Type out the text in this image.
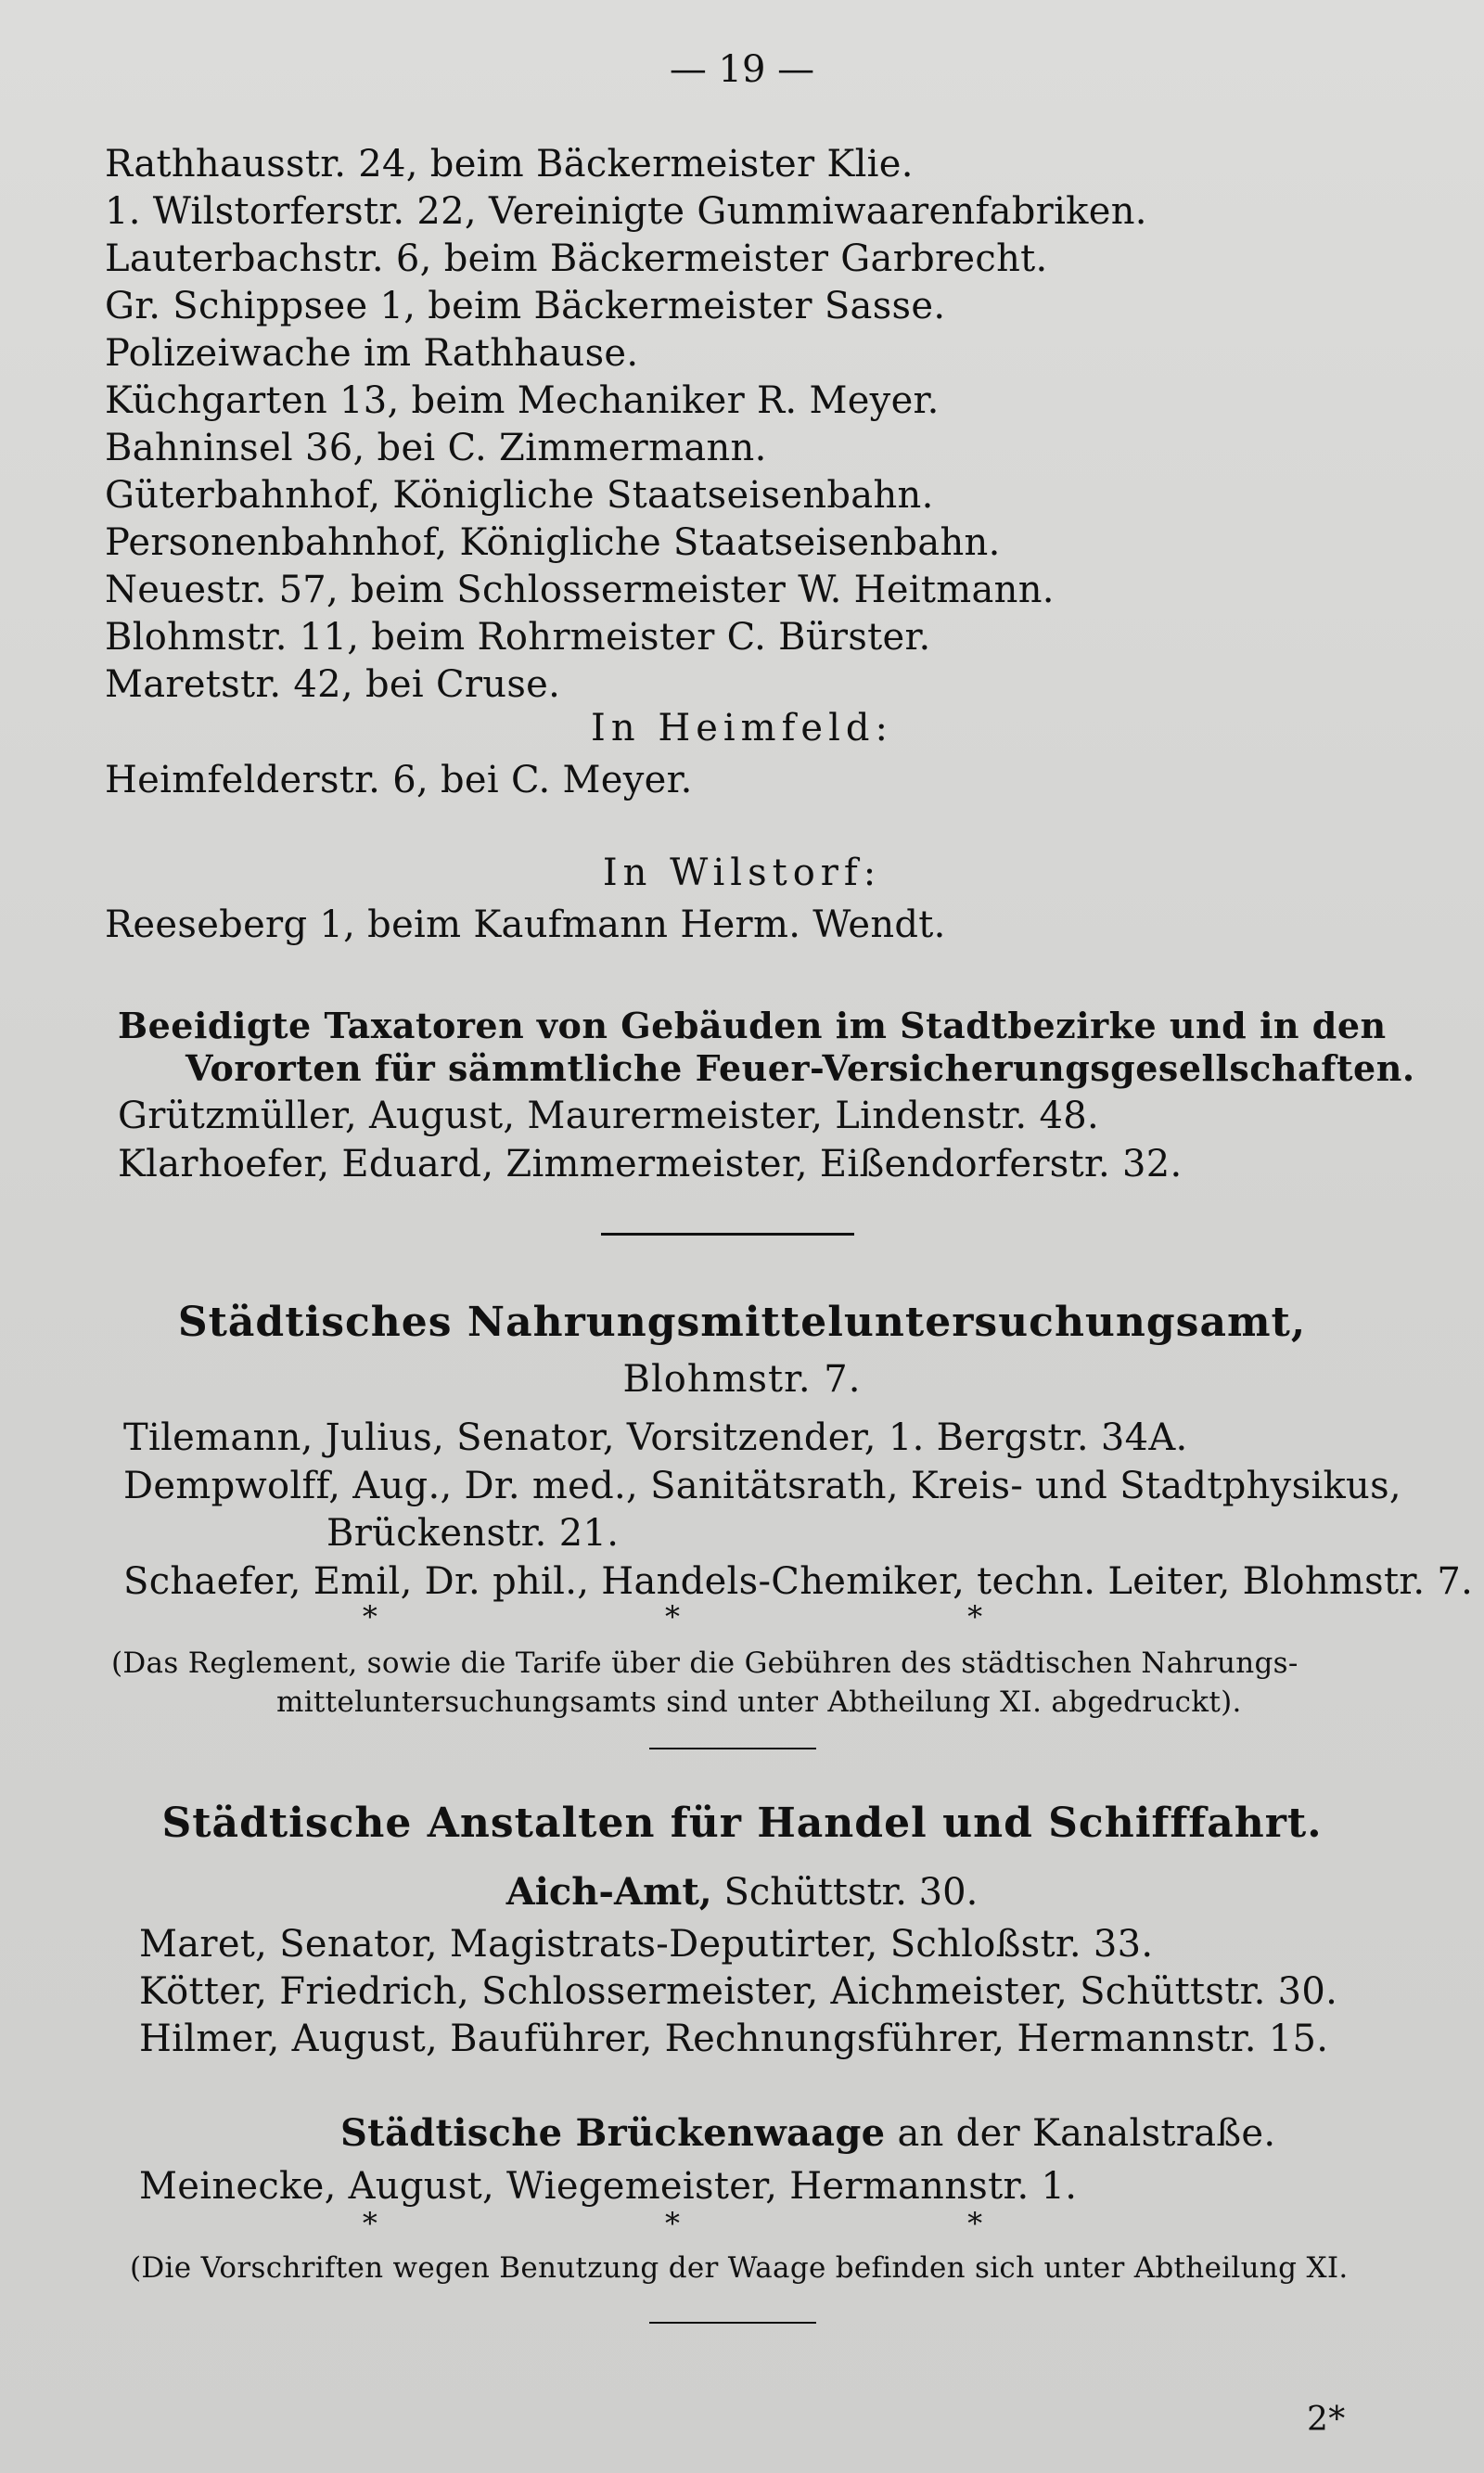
— 19 —
Rathhausstr. 24, beim Bäckermeister Klie.
1. Wilstorferstr. 22, Vereinigte Gummiwaarenfabriken.
Lauterbachstr. 6, beim Bäckermeister Garbrecht.
Gr. Schippsee 1, beim Bäckermeister Sasse.
Polizeiwache im Rathhause.
Küchgarten 13, beim Mechaniker R. Meyer.
Bahninsel 36, bei C. Zimmermann.
Güterbahnhof, Königliche Staatseisenbahn.
Personenbahnhof, Königliche Staatseisenbahn.
Neuestr. 57, beim Schlossermeister W. Heitmann.
Blohmstr. 11, beim Rohrmeister C. Bürster.
Maretstr. 42, bei Cruse.
In Heimfeld:
Heimfelderstr. 6, bei C. Meyer.
In Wilstorf:
Reeseberg 1, beim Kaufmann Herm. Wendt.
Beeidigte Taxatoren von Gebäuden im Stadtbezirke und in den
Vororten für sämmtliche Feuer-Versicherungsgesellschaften.
Grützmüller, August, Maurermeister, Lindenstr. 48.
Klarhoefer, Eduard, Zimmermeister, Eißendorferstr. 32.
Städtisches Nahrungsmitteluntersuchungsamt,
Blohmstr. 7.
Tilemann, Julius, Senator, Vorsitzender, 1. Bergstr. 34A.
Dempwolff, Aug., Dr. med., Sanitätsrath, Kreis- und Stadtphysikus,
Brückenstr. 21.
Schaefer, Emil, Dr. phil., Handels-Chemiker, techn. Leiter, Blohmstr. 7.
* * *
(Das Reglement, sowie die Tarife über die Gebühren des städtischen Nahrungs-
mitteluntersuchungsamts sind unter Abtheilung XI. abgedruckt).
Städtische Anstalten für Handel und Schifffahrt.
Aich-Amt, Schüttstr. 30.
Maret, Senator, Magistrats-Deputirter, Schloßstr. 33.
Kötter, Friedrich, Schlossermeister, Aichmeister, Schüttstr. 30.
Hilmer, August, Bauführer, Rechnungsführer, Hermannstr. 15.
Städtische Brückenwaage an der Kanalstraße.
Meinecke, August, Wiegemeister, Hermannstr. 1.
* * *
(Die Vorschriften wegen Benutzung der Waage befinden sich unter Abtheilung XI.
2*
